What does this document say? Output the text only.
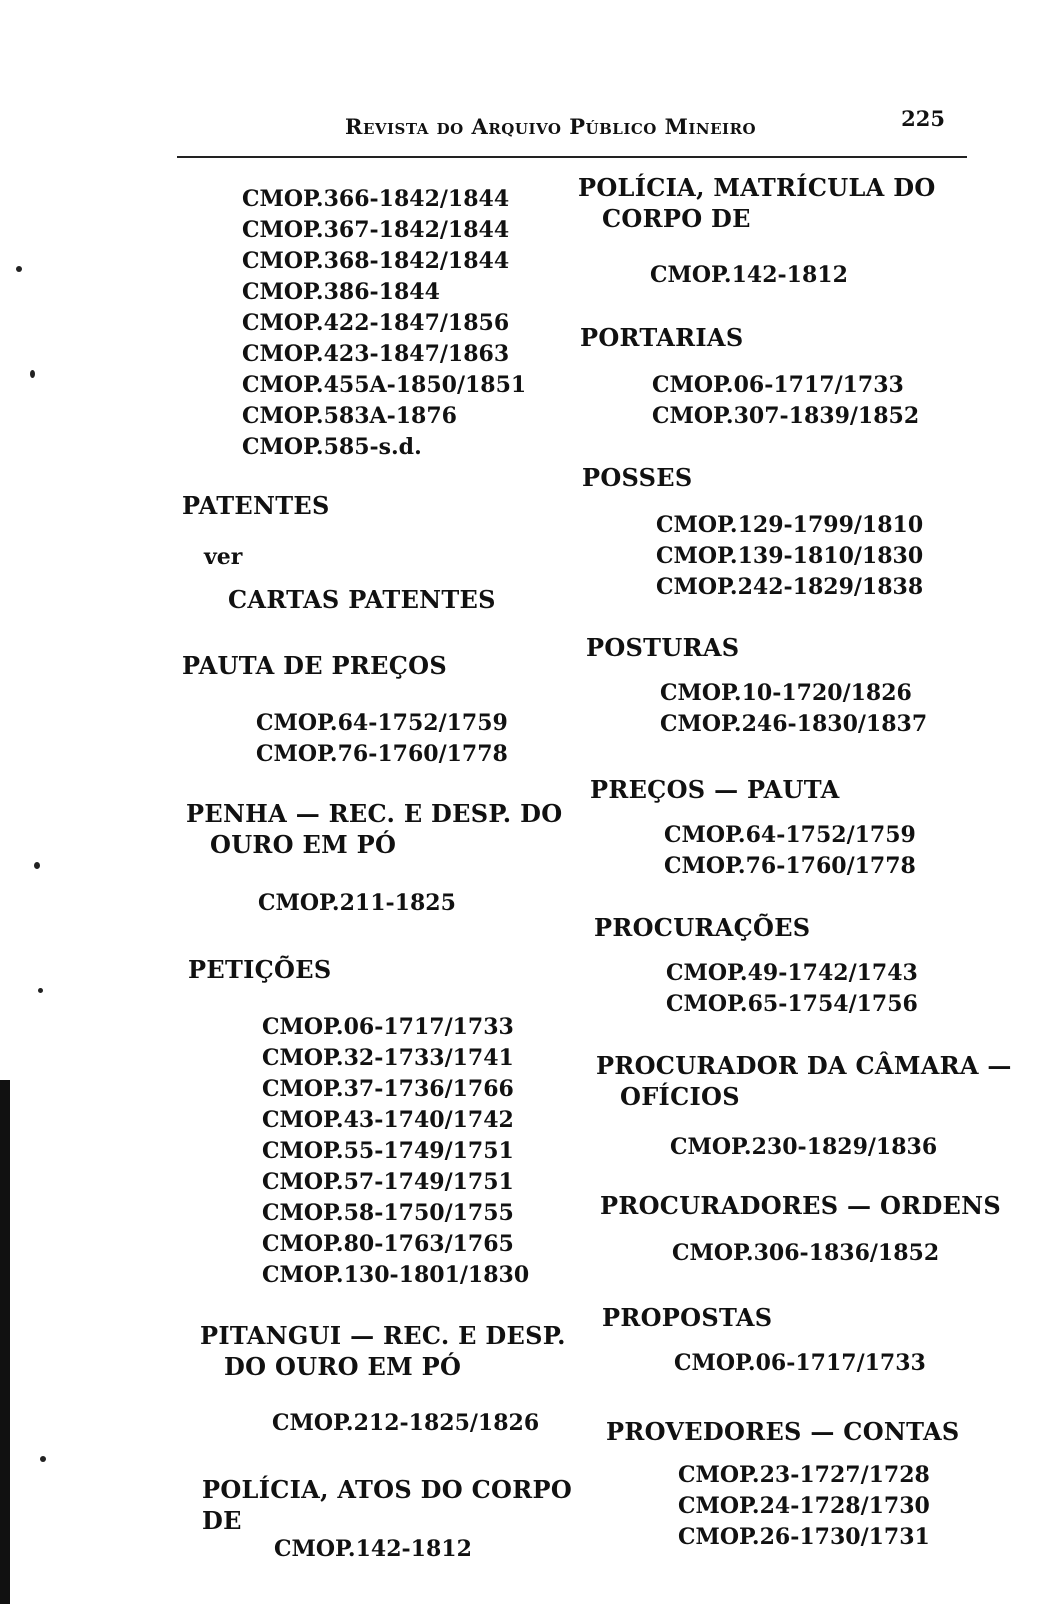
Revista do Arquivo Público Mineiro	225
CMOP.366-1842/1844
CMOP.367-1842/1844
CMOP.368-1842/1844
CMOP.386-1844
CMOP.422-1847/1856
CMOP.423-1847/1863
CMOP.455A-1850/1851
CMOP.583A-1876
CMOP.585-s.d.
PATENTES
ver
CARTAS PATENTES
PAUTA DE PREÇOS
CMOP.64-1752/1759
CMOP.76-1760/1778
PENHA — REC. E DESP. DO
OURO EM PÓ
CMOP.211-1825
PETIÇÕES
CMOP.06-1717/1733
CMOP.32-1733/1741
CMOP.37-1736/1766
CMOP.43-1740/1742
CMOP.55-1749/1751
CMOP.57-1749/1751
CMOP.58-1750/1755
CMOP.80-1763/1765
CMOP.130-1801/1830
PITANGUI — REC. E DESP.
DO OURO EM PÓ
CMOP.212-1825/1826
POLÍCIA, ATOS DO CORPO DE
CMOP.142-1812
POLÍCIA, MATRÍCULA DO
CORPO DE
CMOP.142-1812
PORTARIAS
CMOP.06-1717/1733
CMOP.307-1839/1852
POSSES
CMOP.129-1799/1810
CMOP.139-1810/1830
CMOP.242-1829/1838
POSTURAS
CMOP.10-1720/1826
CMOP.246-1830/1837
PREÇOS — PAUTA
CMOP.64-1752/1759
CMOP.76-1760/1778
PROCURAÇÕES
CMOP.49-1742/1743
CMOP.65-1754/1756
PROCURADOR DA CÂMARA —
OFÍCIOS
CMOP.230-1829/1836
PROCURADORES — ORDENS
CMOP.306-1836/1852
PROPOSTAS
CMOP.06-1717/1733
PROVEDORES — CONTAS
CMOP.23-1727/1728
CMOP.24-1728/1730
CMOP.26-1730/1731
